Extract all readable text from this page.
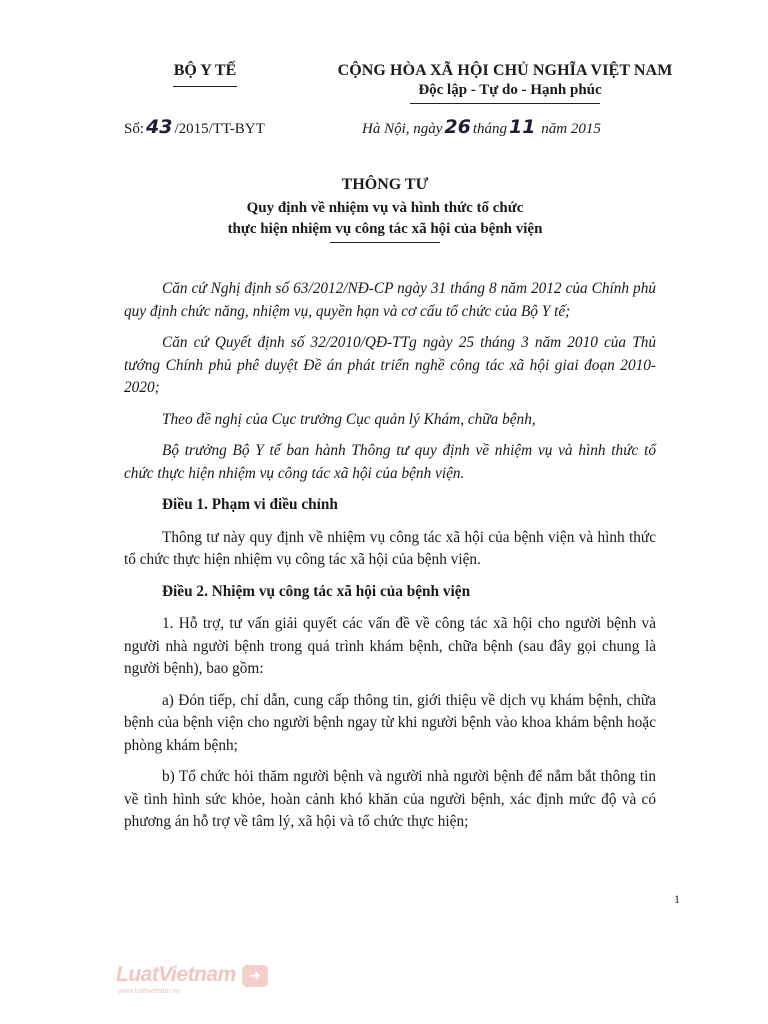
BỘ Y TẾ	CỘNG HÒA XÃ HỘI CHỦ NGHĨA VIỆT NAM
Độc lập - Tự do - Hạnh phúc
Số: 43 /2015/TT-BYT	Hà Nội, ngày 26 tháng 11 năm 2015
THÔNG TƯ
Quy định về nhiệm vụ và hình thức tổ chức
thực hiện nhiệm vụ công tác xã hội của bệnh viện

Căn cứ Nghị định số 63/2012/NĐ-CP ngày 31 tháng 8 năm 2012 của Chính phủ quy định chức năng, nhiệm vụ, quyền hạn và cơ cấu tổ chức của Bộ Y tế;

Căn cứ Quyết định số 32/2010/QĐ-TTg ngày 25 tháng 3 năm 2010 của Thủ tướng Chính phủ phê duyệt Đề án phát triển nghề công tác xã hội giai đoạn 2010-2020;

Theo đề nghị của Cục trưởng Cục quản lý Khám, chữa bệnh,

Bộ trưởng Bộ Y tế ban hành Thông tư quy định về nhiệm vụ và hình thức tổ chức thực hiện nhiệm vụ công tác xã hội của bệnh viện.

Điều 1. Phạm vi điều chỉnh

Thông tư này quy định về nhiệm vụ công tác xã hội của bệnh viện và hình thức tổ chức thực hiện nhiệm vụ công tác xã hội của bệnh viện.

Điều 2. Nhiệm vụ công tác xã hội của bệnh viện

1. Hỗ trợ, tư vấn giải quyết các vấn đề về công tác xã hội cho người bệnh và người nhà người bệnh trong quá trình khám bệnh, chữa bệnh (sau đây gọi chung là người bệnh), bao gồm:

a) Đón tiếp, chỉ dẫn, cung cấp thông tin, giới thiệu về dịch vụ khám bệnh, chữa bệnh của bệnh viện cho người bệnh ngay từ khi người bệnh vào khoa khám bệnh hoặc phòng khám bệnh;

b) Tổ chức hỏi thăm người bệnh và người nhà người bệnh để nắm bắt thông tin về tình hình sức khỏe, hoàn cảnh khó khăn của người bệnh, xác định mức độ và có phương án hỗ trợ về tâm lý, xã hội và tổ chức thực hiện;

1
LuatVietnam ➜
www.luatvietnam.vn
